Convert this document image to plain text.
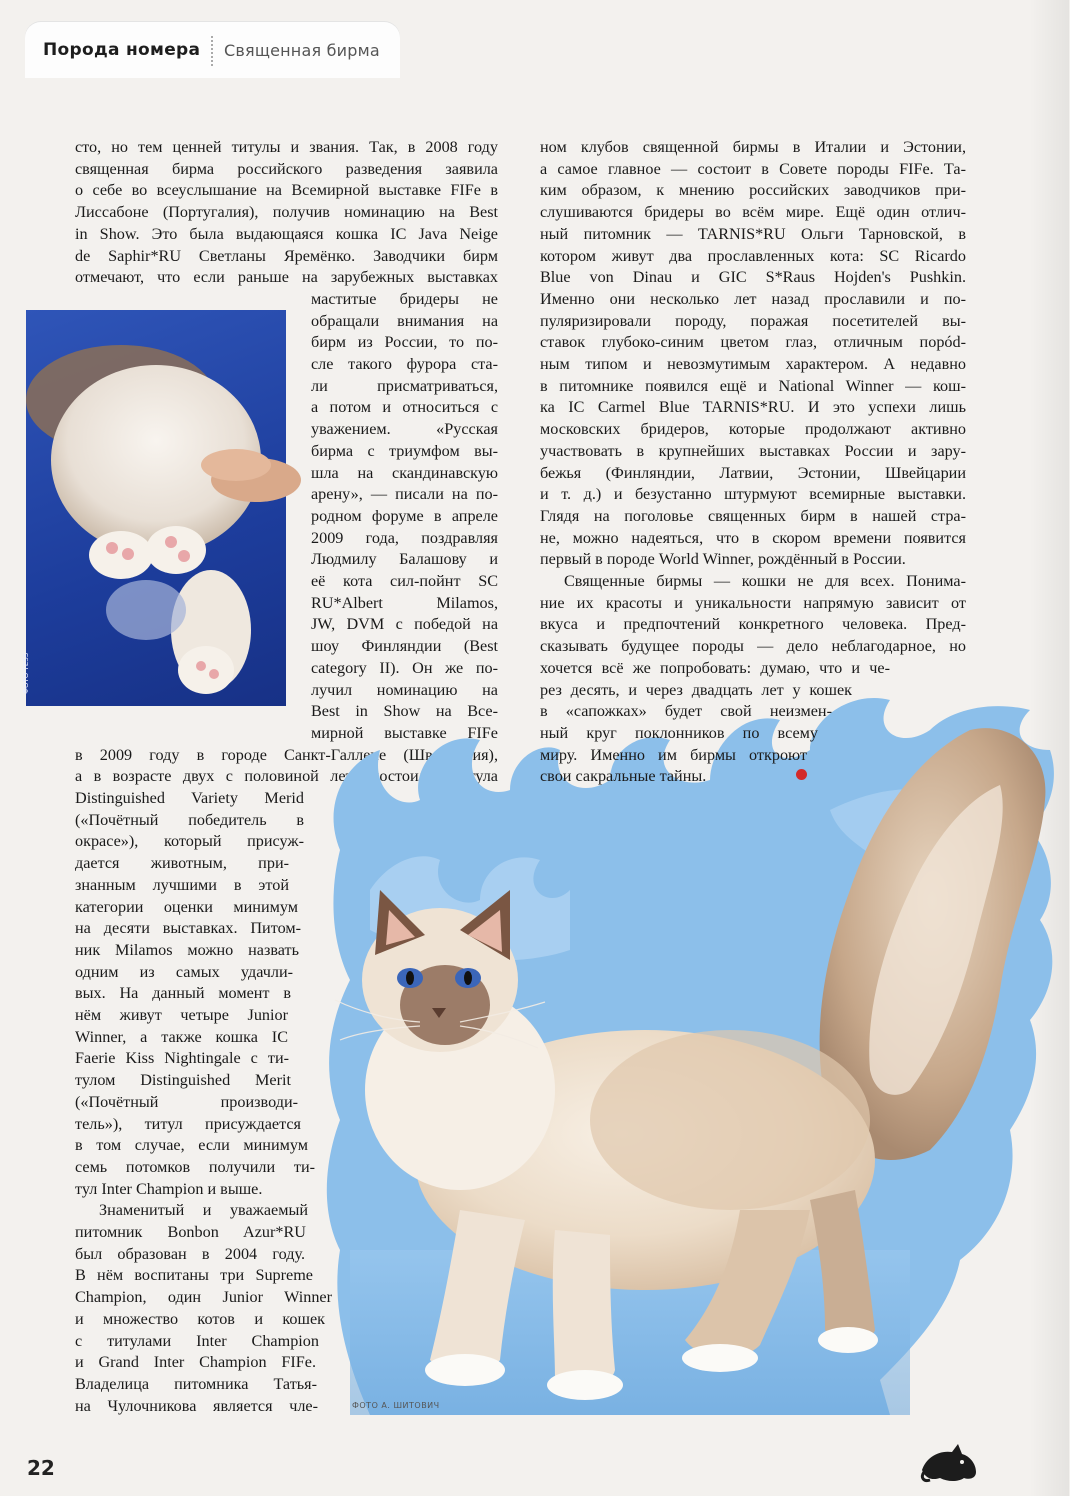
Порода номера Священная бирма

сто, но тем ценней титулы и звания. Так, в 2008 году

священная бирма российского разведения заявила

о себе во всеуслышание на Всемирной выставке FIFe в

Лиссабоне (Португалия), получив номинацию на Best

in Show. Это была выдающаяся кошка IC Java Neige

de Saphir*RU Светланы Яремёнко. Заводчики бирм

отмечают, что если раньше на зарубежных выставках

ФОТО TESS

маститые бридеры не

обращали внимания на

бирм из России, то по-

сле такого фурора ста-

ли присматриваться,

а потом и относиться с

уважением. «Русская

бирма с триумфом вы-

шла на скандинавскую

арену», — писали на по-

родном форуме в апреле

2009 года, поздравляя

Людмилу Балашову и

её кота сил-пойнт SC

RU*Albert Milamos,

JW, DVM с победой на

шоу Финляндии (Best

category II). Он же по-

лучил номинацию на

Best in Show на Все-

мирной выставке FIFe

в 2009 году в городе Санкт-Галлене (Швейцария),

а в возрасте двух с половиной лет удостоился титула

ФОТО А. ШИТОВИЧ

Distinguished Variety Merid

(«Почётный победитель в

окрасе»), который присуж-

дается животным, при-

знанным лучшими в этой

категории оценки минимум

на десяти выставках. Питом-

ник Milamos можно назвать

одним из самых удачли-

вых. На данный момент в

нём живут четыре Junior

Winner, а также кошка IC

Faerie Kiss Nightingale с ти-

тулом Distinguished Merit

(«Почётный производи-

тель»), титул присуждается

в том случае, если минимум

семь потомков получили ти-

тул Inter Champion и выше.

Знаменитый и уважаемый

питомник Bonbon Azur*RU

был образован в 2004 году.

В нём воспитаны три Supreme

Champion, один Junior Winner

и множество котов и кошек

с титулами Inter Champion

и Grand Inter Champion FIFe.

Владелица питомника Татья-

на Чулочникова является чле-

ном клубов священной бирмы в Италии и Эстонии,

а самое главное — состоит в Совете породы FIFe. Та-

ким образом, к мнению российских заводчиков при-

слушиваются бридеры во всём мире. Ещё один отлич-

ный питомник — TARNIS*RU Ольги Тарновской, в

котором живут два прославленных кота: SC Ricardo

Blue von Dinau и GIC S*Raus Hojden's Pushkin.

Именно они несколько лет назад прославили и по-

пуляризировали породу, поражая посетителей вы-

ставок глубоко-синим цветом глаз, отличным порód-

ным типом и невозмутимым характером. А недавно

в питомнике появился ещё и National Winner — кош-

ка IC Carmel Blue TARNIS*RU. И это успехи лишь

московских бридеров, которые продолжают активно

участвовать в крупнейших выставках России и зару-

бежья (Финляндии, Латвии, Эстонии, Швейцарии

и т. д.) и безустанно штурмуют всемирные выставки.

Глядя на поголовье священных бирм в нашей стра-

не, можно надеяться, что в скором времени появится

первый в породе World Winner, рождённый в России.

Священные бирмы — кошки не для всех. Понима-

ние их красоты и уникальности напрямую зависит от

вкуса и предпочтений конкретного человека. Пред-

сказывать будущее породы — дело неблагодарное, но

хочется всё же попробовать: думаю, что и че-

рез десять, и через двадцать лет у кошек

в «сапожках» будет свой неизмен-

ный круг поклонников по всему

миру. Именно им бирмы откроют

свои сакральные тайны.

22
